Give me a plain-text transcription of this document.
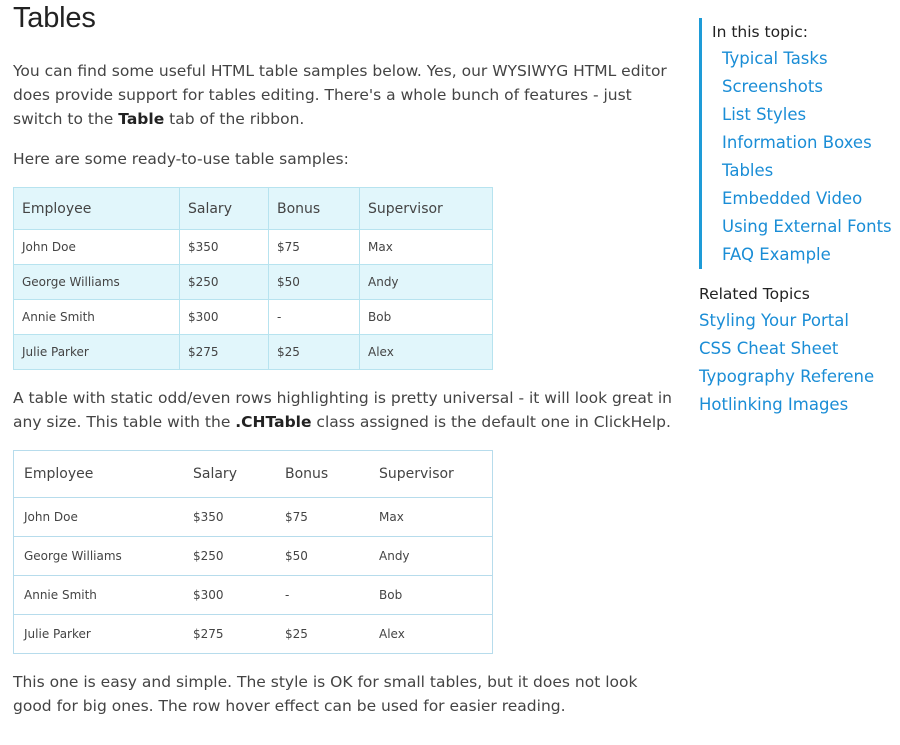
Tables

You can find some useful HTML table samples below. Yes, our WYSIWYG HTML editor does provide support for tables editing. There's a whole bunch of features - just switch to the Table tab of the ribbon.

Here are some ready-to-use table samples:

Employee	Salary	Bonus	Supervisor
John Doe	$350	$75	Max
George Williams	$250	$50	Andy
Annie Smith	$300	-	Bob
Julie Parker	$275	$25	Alex

A table with static odd/even rows highlighting is pretty universal - it will look great in any size. This table with the .CHTable class assigned is the default one in ClickHelp.

Employee	Salary	Bonus	Supervisor
John Doe	$350	$75	Max
George Williams	$250	$50	Andy
Annie Smith	$300	-	Bob
Julie Parker	$275	$25	Alex

This one is easy and simple. The style is OK for small tables, but it does not look good for big ones. The row hover effect can be used for easier reading.

In this topic:
Typical Tasks
Screenshots
List Styles
Information Boxes
Tables
Embedded Video
Using External Fonts
FAQ Example
Related Topics
Styling Your Portal
CSS Cheat Sheet
Typography Referene
Hotlinking Images
